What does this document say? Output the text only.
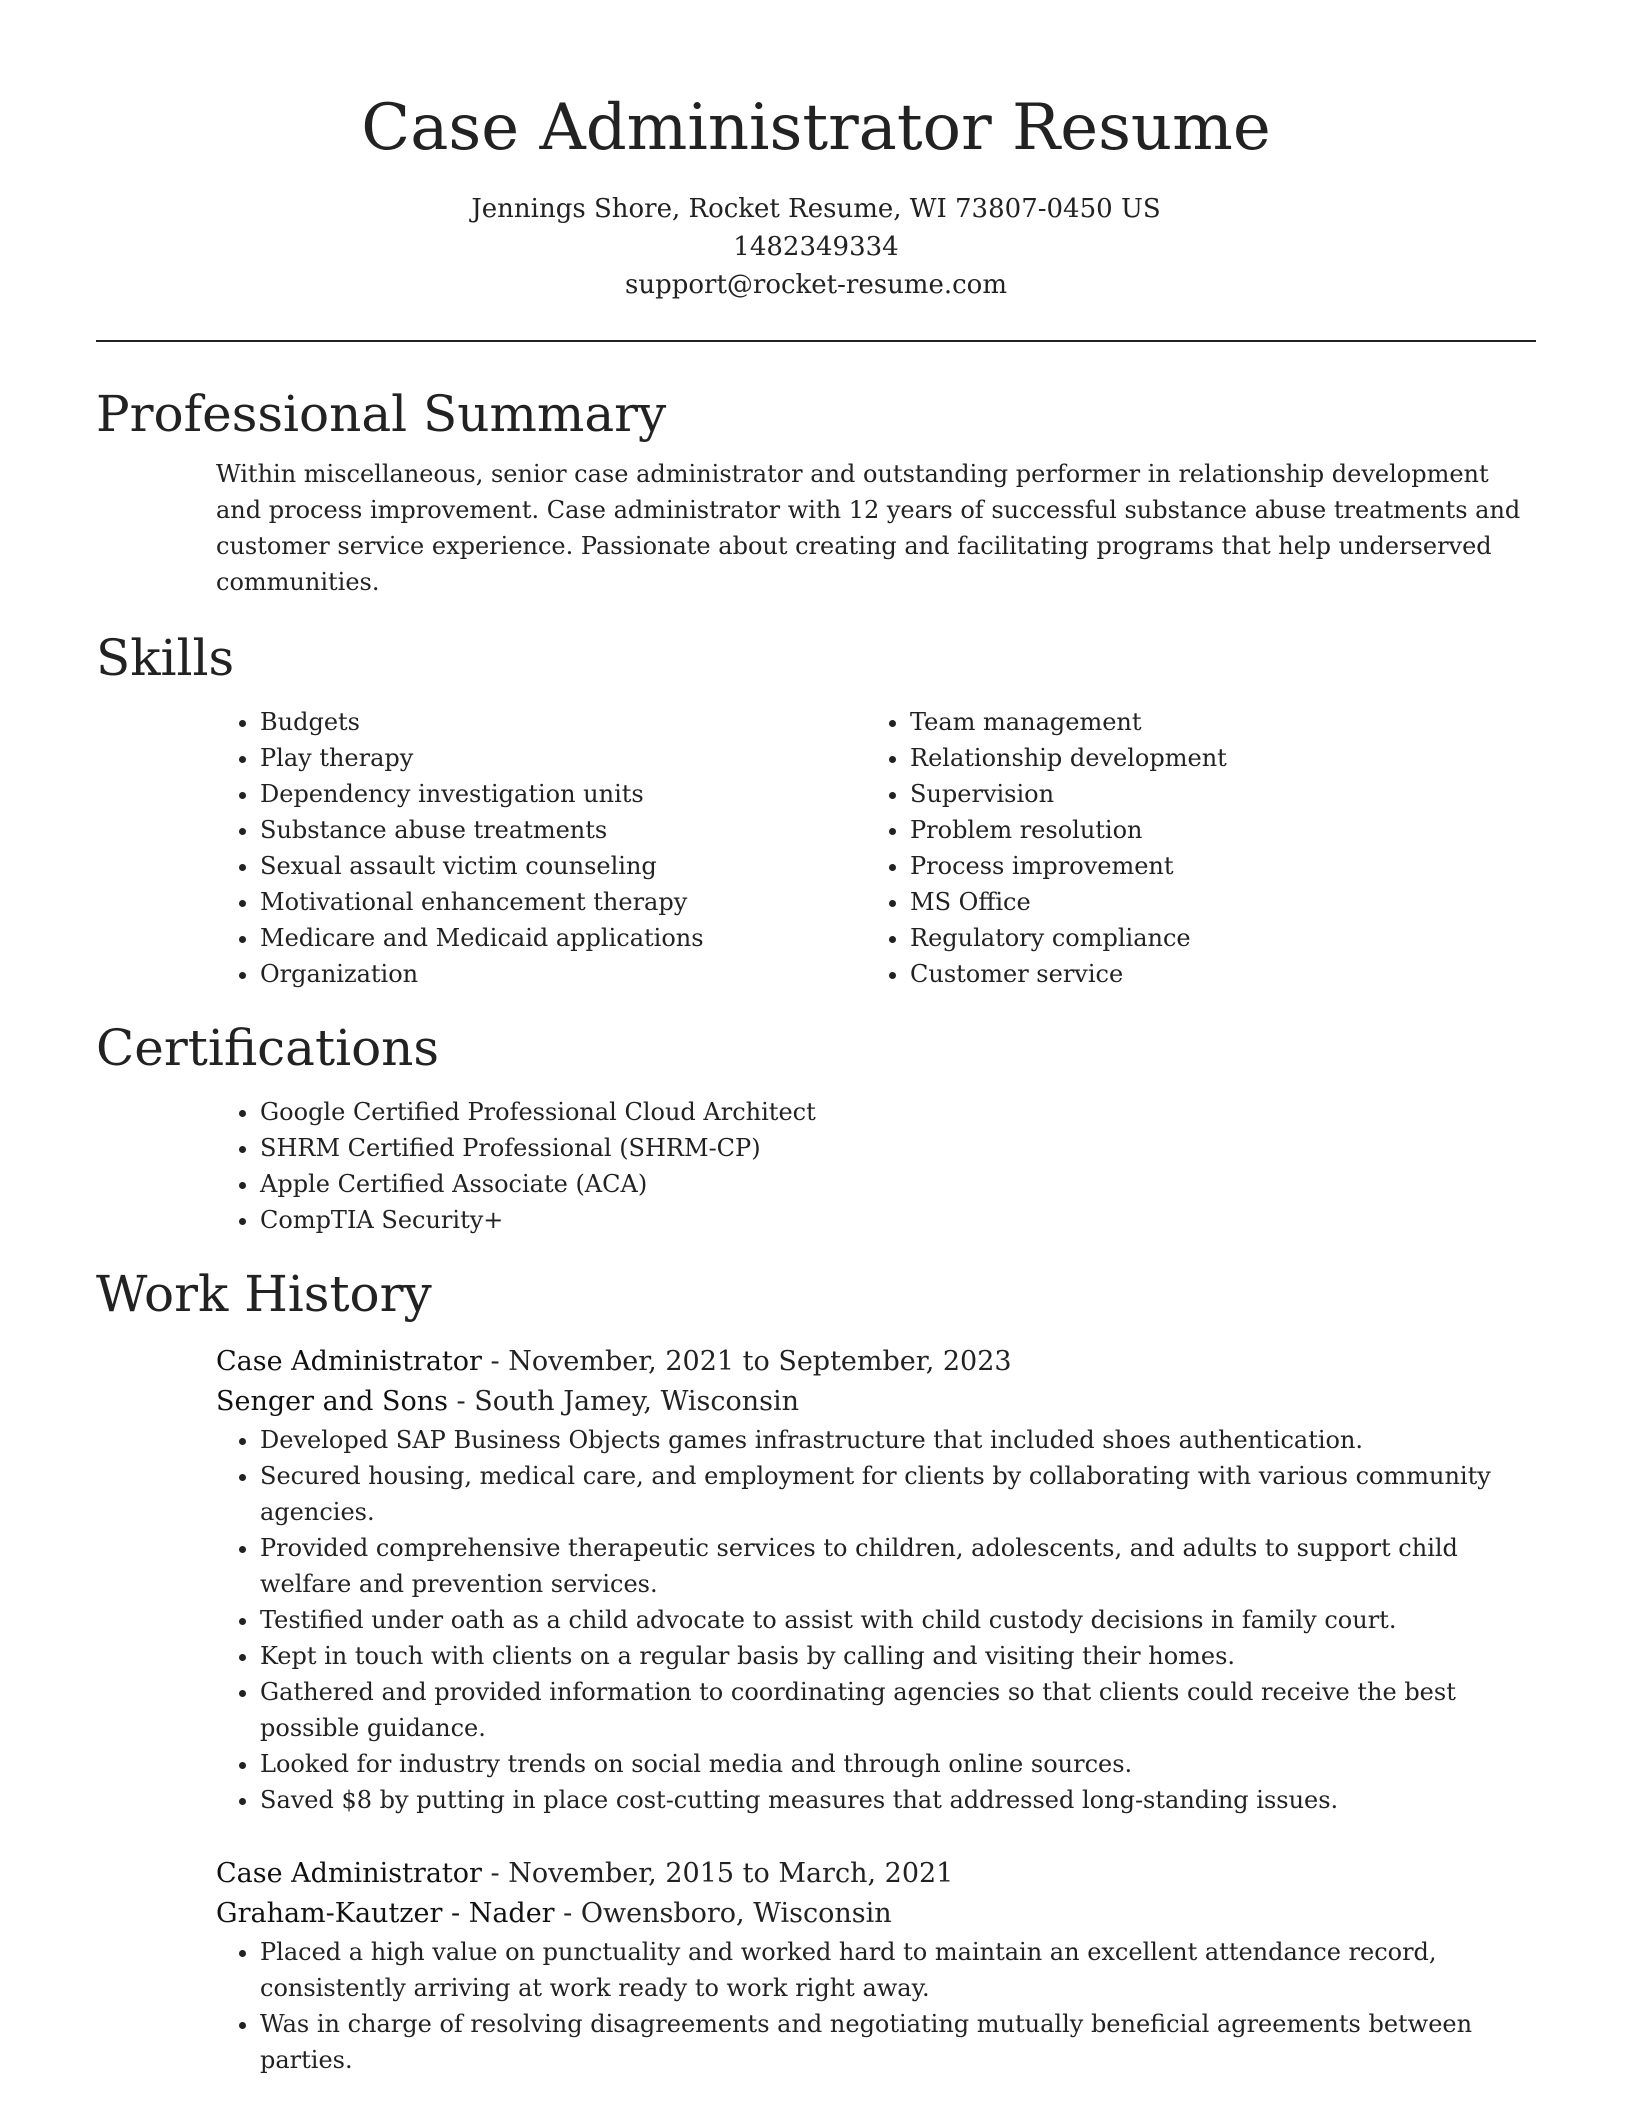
Case Administrator Resume
Jennings Shore, Rocket Resume, WI 73807-0450 US
1482349334
support@rocket-resume.com
Professional Summary
Within miscellaneous, senior case administrator and outstanding performer in relationship development and process improvement. Case administrator with 12 years of successful substance abuse treatments and customer service experience. Passionate about creating and facilitating programs that help underserved communities.
Skills
• Budgets
• Play therapy
• Dependency investigation units
• Substance abuse treatments
• Sexual assault victim counseling
• Motivational enhancement therapy
• Medicare and Medicaid applications
• Organization
• Team management
• Relationship development
• Supervision
• Problem resolution
• Process improvement
• MS Office
• Regulatory compliance
• Customer service
Certifications
• Google Certified Professional Cloud Architect
• SHRM Certified Professional (SHRM-CP)
• Apple Certified Associate (ACA)
• CompTIA Security+
Work History
Case Administrator - November, 2021 to September, 2023
Senger and Sons - South Jamey, Wisconsin
• Developed SAP Business Objects games infrastructure that included shoes authentication.
• Secured housing, medical care, and employment for clients by collaborating with various community agencies.
• Provided comprehensive therapeutic services to children, adolescents, and adults to support child welfare and prevention services.
• Testified under oath as a child advocate to assist with child custody decisions in family court.
• Kept in touch with clients on a regular basis by calling and visiting their homes.
• Gathered and provided information to coordinating agencies so that clients could receive the best possible guidance.
• Looked for industry trends on social media and through online sources.
• Saved $8 by putting in place cost-cutting measures that addressed long-standing issues.
Case Administrator - November, 2015 to March, 2021
Graham-Kautzer - Nader - Owensboro, Wisconsin
• Placed a high value on punctuality and worked hard to maintain an excellent attendance record, consistently arriving at work ready to work right away.
• Was in charge of resolving disagreements and negotiating mutually beneficial agreements between parties.
